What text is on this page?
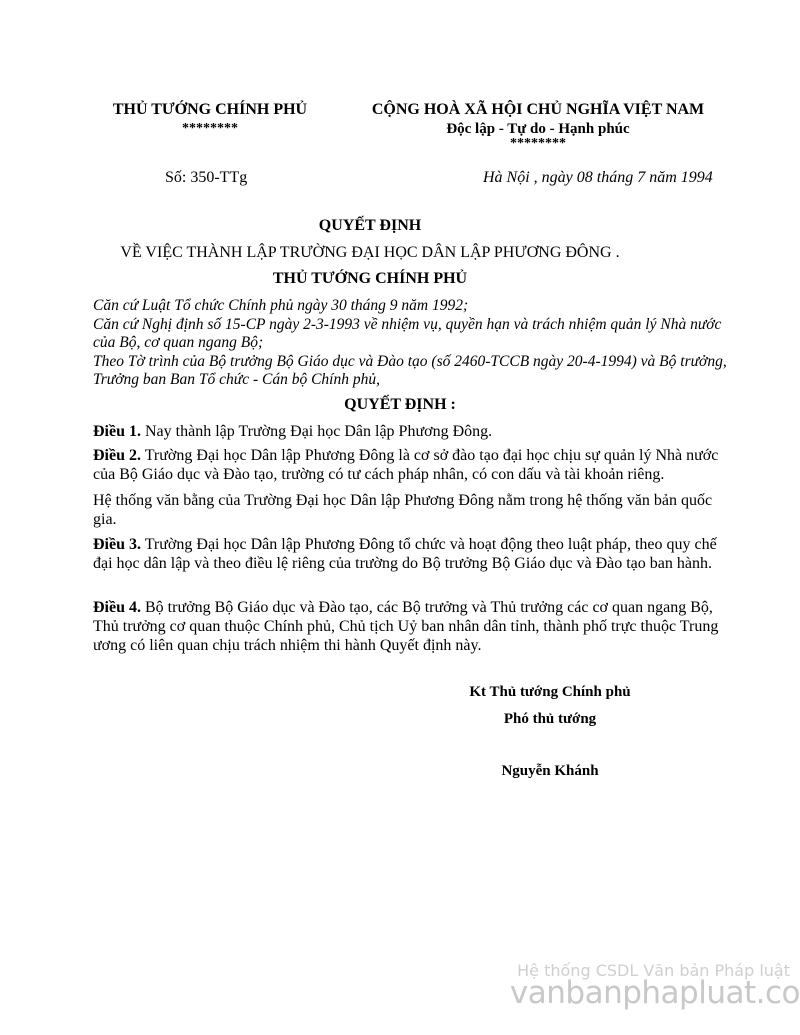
THỦ TƯỚNG CHÍNH PHỦ
********
CỘNG HOÀ XÃ HỘI CHỦ NGHĨA VIỆT NAM
Độc lập - Tự do - Hạnh phúc
********
Số: 350-TTg	Hà Nội , ngày 08 tháng 7 năm 1994
QUYẾT ĐỊNH
VỀ VIỆC THÀNH LẬP TRƯỜNG ĐẠI HỌC DÂN LẬP PHƯƠNG ĐÔNG .
THỦ TƯỚNG CHÍNH PHỦ
Căn cứ Luật Tổ chức Chính phủ ngày 30 tháng 9 năm 1992;
Căn cứ Nghị định số 15-CP ngày 2-3-1993 về nhiệm vụ, quyền hạn và trách nhiệm quản lý Nhà nước của Bộ, cơ quan ngang Bộ;
Theo Tờ trình của Bộ trưởng Bộ Giáo dục và Đào tạo (số 2460-TCCB ngày 20-4-1994) và Bộ trưởng, Trưởng ban Ban Tổ chức - Cán bộ Chính phủ,
QUYẾT ĐỊNH :
Điều 1. Nay thành lập Trường Đại học Dân lập Phương Đông.
Điều 2. Trường Đại học Dân lập Phương Đông là cơ sở đào tạo đại học chịu sự quản lý Nhà nước của Bộ Giáo dục và Đào tạo, trường có tư cách pháp nhân, có con dấu và tài khoản riêng.
Hệ thống văn bằng của Trường Đại học Dân lập Phương Đông nằm trong hệ thống văn bản quốc gia.
Điều 3. Trường Đại học Dân lập Phương Đông tổ chức và hoạt động theo luật pháp, theo quy chế đại học dân lập và theo điều lệ riêng của trường do Bộ trưởng Bộ Giáo dục và Đào tạo ban hành.
Điều 4. Bộ trưởng Bộ Giáo dục và Đào tạo, các Bộ trưởng và Thủ trưởng các cơ quan ngang Bộ, Thủ trưởng cơ quan thuộc Chính phủ, Chủ tịch Uỷ ban nhân dân tỉnh, thành phố trực thuộc Trung ương có liên quan chịu trách nhiệm thi hành Quyết định này.
Kt Thủ tướng Chính phủ
Phó thủ tướng
Nguyễn Khánh
Hệ thống CSDL Văn bản Pháp luật
vanbanphapluat.co
